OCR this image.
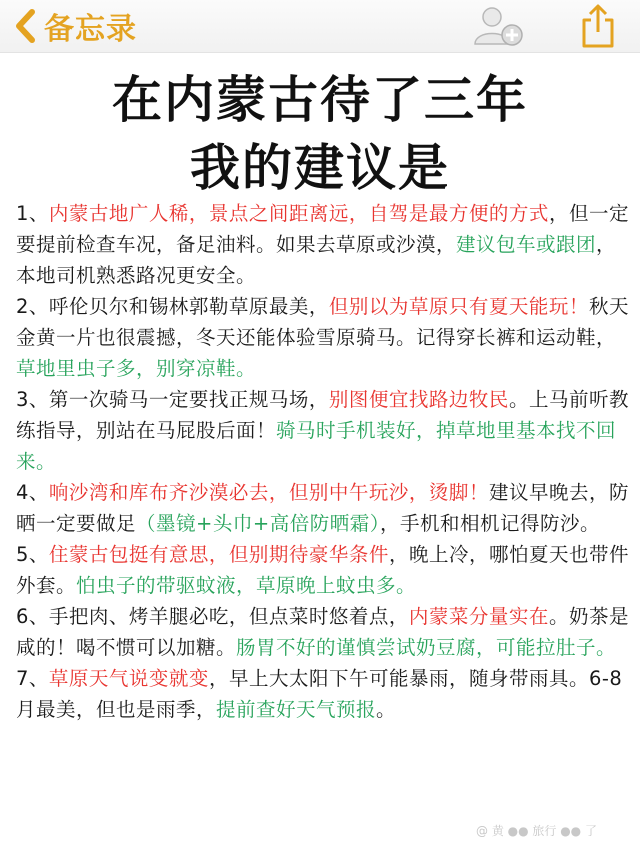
备忘录
在内蒙古待了三年
我的建议是

1、内蒙古地广人稀，景点之间距离远，自驾是最方便的方式，但一定要提前检查车况，备足油料。如果去草原或沙漠，建议包车或跟团，本地司机熟悉路况更安全。

2、呼伦贝尔和锡林郭勒草原最美，但别以为草原只有夏天能玩！秋天金黄一片也很震撼，冬天还能体验雪原骑马。记得穿长裤和运动鞋，草地里虫子多，别穿凉鞋。

3、第一次骑马一定要找正规马场，别图便宜找路边牧民。上马前听教练指导，别站在马屁股后面！骑马时手机装好，掉草地里基本找不回来。

4、响沙湾和库布齐沙漠必去，但别中午玩沙，烫脚！建议早晚去，防晒一定要做足（墨镜+头巾+高倍防晒霜），手机和相机记得防沙。

5、住蒙古包挺有意思，但别期待豪华条件，晚上冷，哪怕夏天也带件外套。怕虫子的带驱蚊液，草原晚上蚊虫多。

6、手把肉、烤羊腿必吃，但点菜时悠着点，内蒙菜分量实在。奶茶是咸的！喝不惯可以加糖。肠胃不好的谨慎尝试奶豆腐，可能拉肚子。

7、草原天气说变就变，早上大太阳下午可能暴雨，随身带雨具。6-8月最美，但也是雨季，提前查好天气预报。

@ 黄 ●● 旅行 ●● 了
